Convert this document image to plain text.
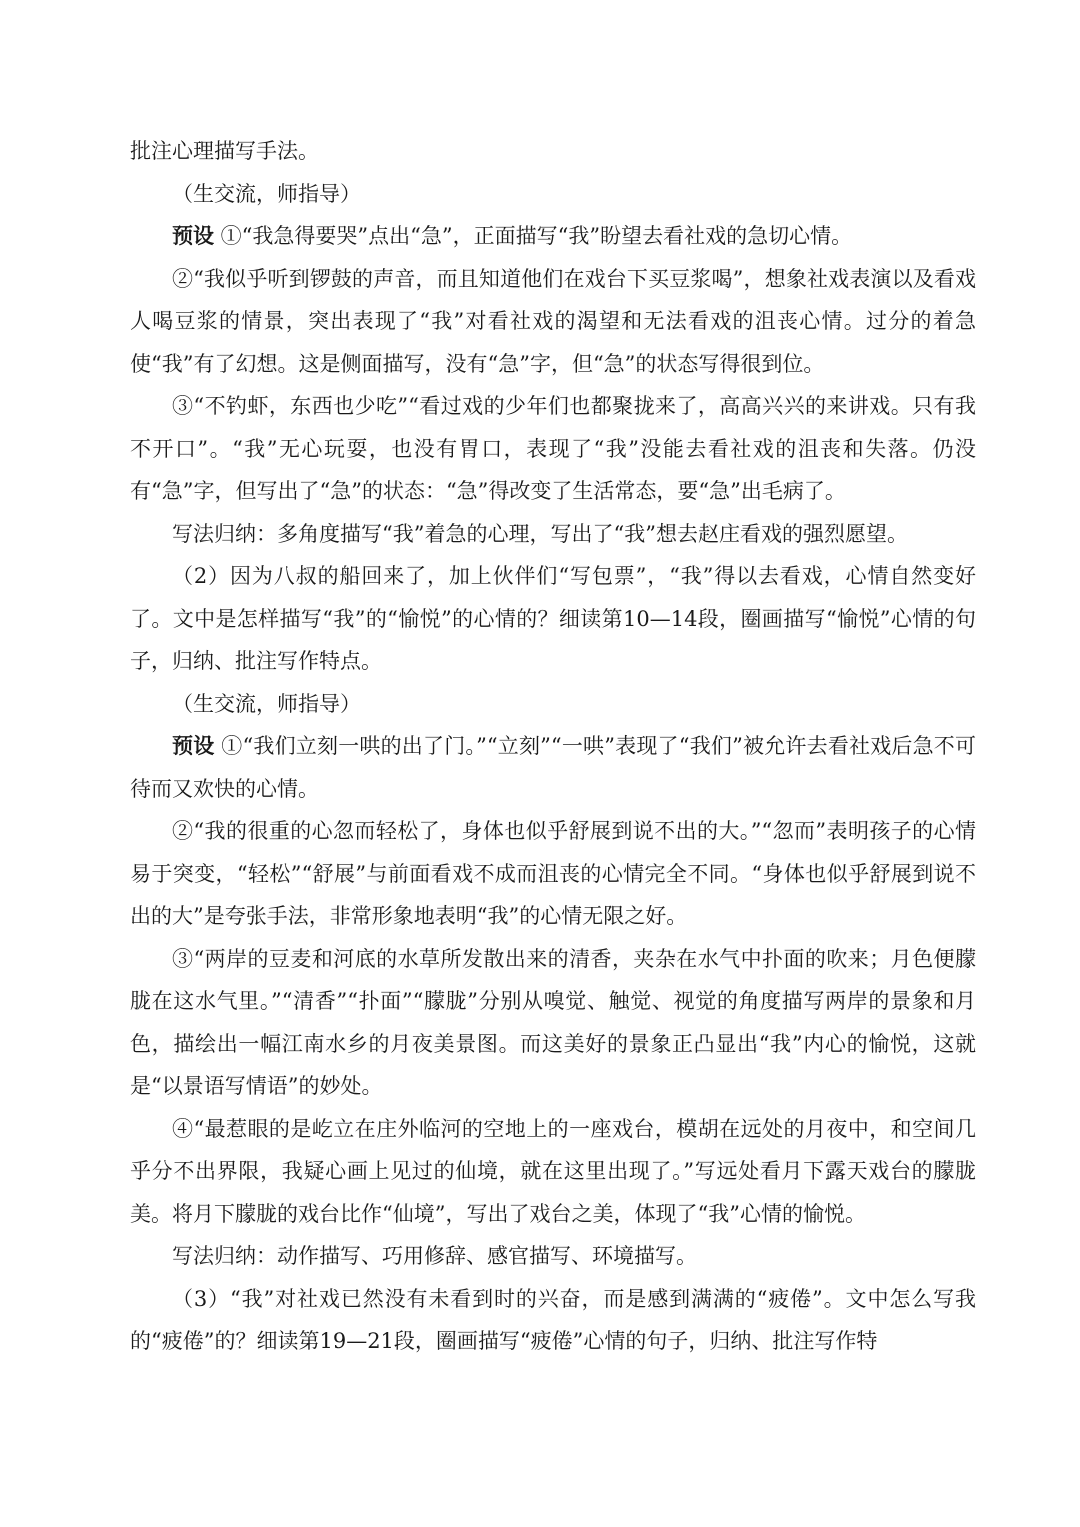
批注心理描写手法。

（生交流，师指导）

预设 ①“我急得要哭”点出“急”，正面描写“我”盼望去看社戏的急切心情。

②“我似乎听到锣鼓的声音，而且知道他们在戏台下买豆浆喝”，想象社戏表演以及看戏人喝豆浆的情景，突出表现了“我”对看社戏的渴望和无法看戏的沮丧心情。过分的着急使“我”有了幻想。这是侧面描写，没有“急”字，但“急”的状态写得很到位。

③“不钓虾，东西也少吃”“看过戏的少年们也都聚拢来了，高高兴兴的来讲戏。只有我不开口”。“我”无心玩耍，也没有胃口，表现了“我”没能去看社戏的沮丧和失落。仍没有“急”字，但写出了“急”的状态：“急”得改变了生活常态，要“急”出毛病了。

写法归纳：多角度描写“我”着急的心理，写出了“我”想去赵庄看戏的强烈愿望。

（2）因为八叔的船回来了，加上伙伴们“写包票”，“我”得以去看戏，心情自然变好了。文中是怎样描写“我”的“愉悦”的心情的？细读第10—14段，圈画描写“愉悦”心情的句子，归纳、批注写作特点。

（生交流，师指导）

预设 ①“我们立刻一哄的出了门。”“立刻”“一哄”表现了“我们”被允许去看社戏后急不可待而又欢快的心情。

②“我的很重的心忽而轻松了，身体也似乎舒展到说不出的大。”“忽而”表明孩子的心情易于突变，“轻松”“舒展”与前面看戏不成而沮丧的心情完全不同。“身体也似乎舒展到说不出的大”是夸张手法，非常形象地表明“我”的心情无限之好。

③“两岸的豆麦和河底的水草所发散出来的清香，夹杂在水气中扑面的吹来；月色便朦胧在这水气里。”“清香”“扑面”“朦胧”分别从嗅觉、触觉、视觉的角度描写两岸的景象和月色，描绘出一幅江南水乡的月夜美景图。而这美好的景象正凸显出“我”内心的愉悦，这就是“以景语写情语”的妙处。

④“最惹眼的是屹立在庄外临河的空地上的一座戏台，模胡在远处的月夜中，和空间几乎分不出界限，我疑心画上见过的仙境，就在这里出现了。”写远处看月下露天戏台的朦胧美。将月下朦胧的戏台比作“仙境”，写出了戏台之美，体现了“我”心情的愉悦。

写法归纳：动作描写、巧用修辞、感官描写、环境描写。

（3）“我”对社戏已然没有未看到时的兴奋，而是感到满满的“疲倦”。文中怎么写我的“疲倦”的？细读第19—21段，圈画描写“疲倦”心情的句子，归纳、批注写作特
